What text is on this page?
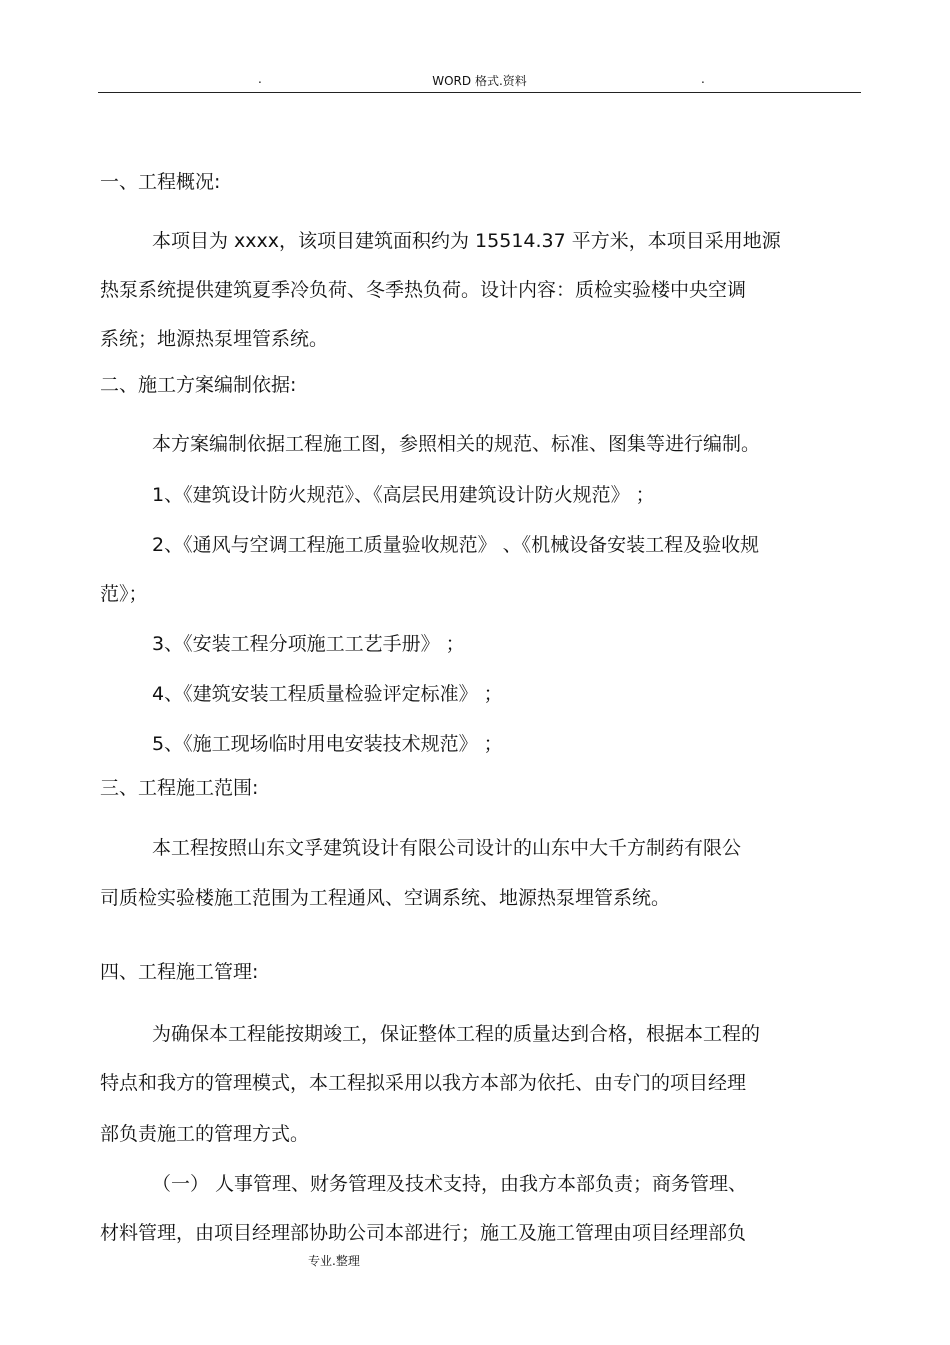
.	WORD 格式.资料	.
一、工程概况:
本项目为 xxxx，该项目建筑面积约为 15514.37 平方米，本项目采用地源
热泵系统提供建筑夏季冷负荷、冬季热负荷。设计内容：质检实验楼中央空调
系统；地源热泵埋管系统。
二、施工方案编制依据:
本方案编制依据工程施工图，参照相关的规范、标准、图集等进行编制。
1、《建筑设计防火规范》、《高层民用建筑设计防火规范》 ；
2、《通风与空调工程施工质量验收规范》 、《机械设备安装工程及验收规
范》；
3、《安装工程分项施工工艺手册》 ；
4、《建筑安装工程质量检验评定标准》 ；
5、《施工现场临时用电安装技术规范》 ；
三、工程施工范围:
本工程按照山东文孚建筑设计有限公司设计的山东中大千方制药有限公
司质检实验楼施工范围为工程通风、空调系统、地源热泵埋管系统。
四、工程施工管理:
为确保本工程能按期竣工，保证整体工程的质量达到合格，根据本工程的
特点和我方的管理模式，本工程拟采用以我方本部为依托、由专门的项目经理
部负责施工的管理方式。
（一） 人事管理、财务管理及技术支持，由我方本部负责；商务管理、
材料管理，由项目经理部协助公司本部进行；施工及施工管理由项目经理部负
专业.整理
